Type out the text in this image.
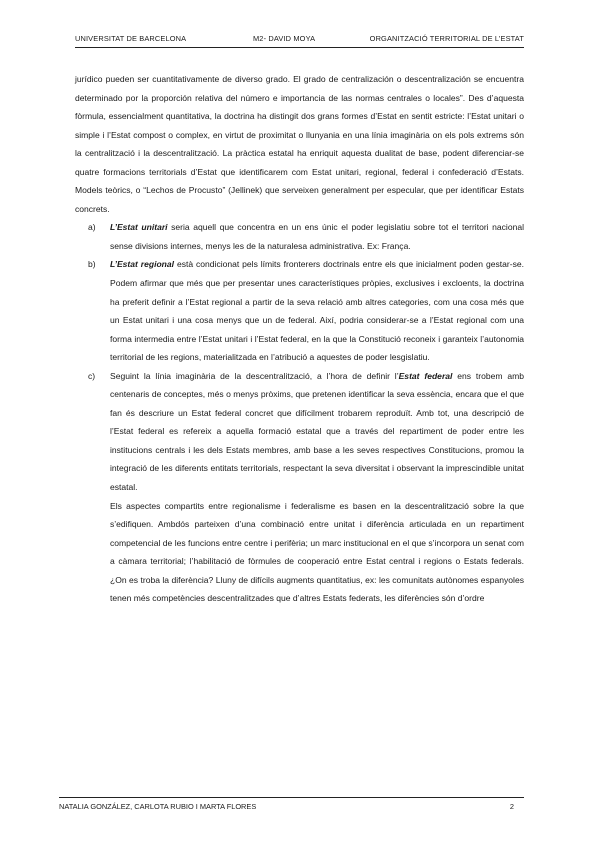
UNIVERSITAT DE BARCELONA	M2- DAVID MOYA	ORGANITZACIÓ TERRITORIAL DE L’ESTAT

jurídico pueden ser cuantitativamente de diverso grado. El grado de centralización o descentralización se encuentra determinado por la proporción relativa del número e importancia de las normas centrales o locales”. Des d’aquesta fòrmula, essencialment quantitativa, la doctrina ha distingit dos grans formes d’Estat en sentit estricte: l’Estat unitari o simple i l’Estat compost o complex, en virtut de proximitat o llunyania en una línia imaginària on els pols extrems són la centralització i la descentralització. La pràctica estatal ha enriquit aquesta dualitat de base, podent diferenciar-se quatre formacions territorials d’Estat que identificarem com Estat unitari, regional, federal i confederació d’Estats. Models teòrics, o “Lechos de Procusto” (Jellinek) que serveixen generalment per especular, que per identificar Estats concrets.

a) L’Estat unitari seria aquell que concentra en un ens únic el poder legislatiu sobre tot el territori nacional sense divisions internes, menys les de la naturalesa administrativa. Ex: França.
b) L’Estat regional està condicionat pels límits fronterers doctrinals entre els que inicialment poden gestar-se. Podem afirmar que més que per presentar unes característiques pròpies, exclusives i excloents, la doctrina ha preferit definir a l’Estat regional a partir de la seva relació amb altres categories, com una cosa més que un Estat unitari i una cosa menys que un de federal. Així, podria considerar-se a l’Estat regional com una forma intermedia entre l’Estat unitari i l’Estat federal, en la que la Constitució reconeix i garanteix l’autonomia territorial de les regions, materialitzada en l’atribució a aquestes de poder lesgislatiu.
c) Seguint la línia imaginària de la descentralització, a l’hora de definir l’Estat federal ens trobem amb centenaris de conceptes, més o menys pròxims, que pretenen identificar la seva essència, encara que el que fan és descriure un Estat federal concret que difícilment trobarem reproduït. Amb tot, una descripció de l’Estat federal es refereix a aquella formació estatal que a través del repartiment de poder entre les institucions centrals i les dels Estats membres, amb base a les seves respectives Constitucions, promou la integració de les diferents entitats territorials, respectant la seva diversitat i observant la imprescindible unitat estatal.

Els aspectes compartits entre regionalisme i federalisme es basen en la descentralització sobre la que s’edifiquen. Ambdós parteixen d’una combinació entre unitat i diferència articulada en un repartiment competencial de les funcions entre centre i perifèria; un marc institucional en el que s’incorpora un senat com a càmara territorial; l’habilitació de fòrmules de cooperació entre Estat central i regions o Estats federals. ¿On es troba la diferència? Lluny de difícils augments quantitatius, ex: les comunitats autònomes espanyoles tenen més competències descentralitzades que d’altres Estats federats, les diferències són d’ordre

NATALIA GONZÁLEZ, CARLOTA RUBIO I MARTA FLORES	2
